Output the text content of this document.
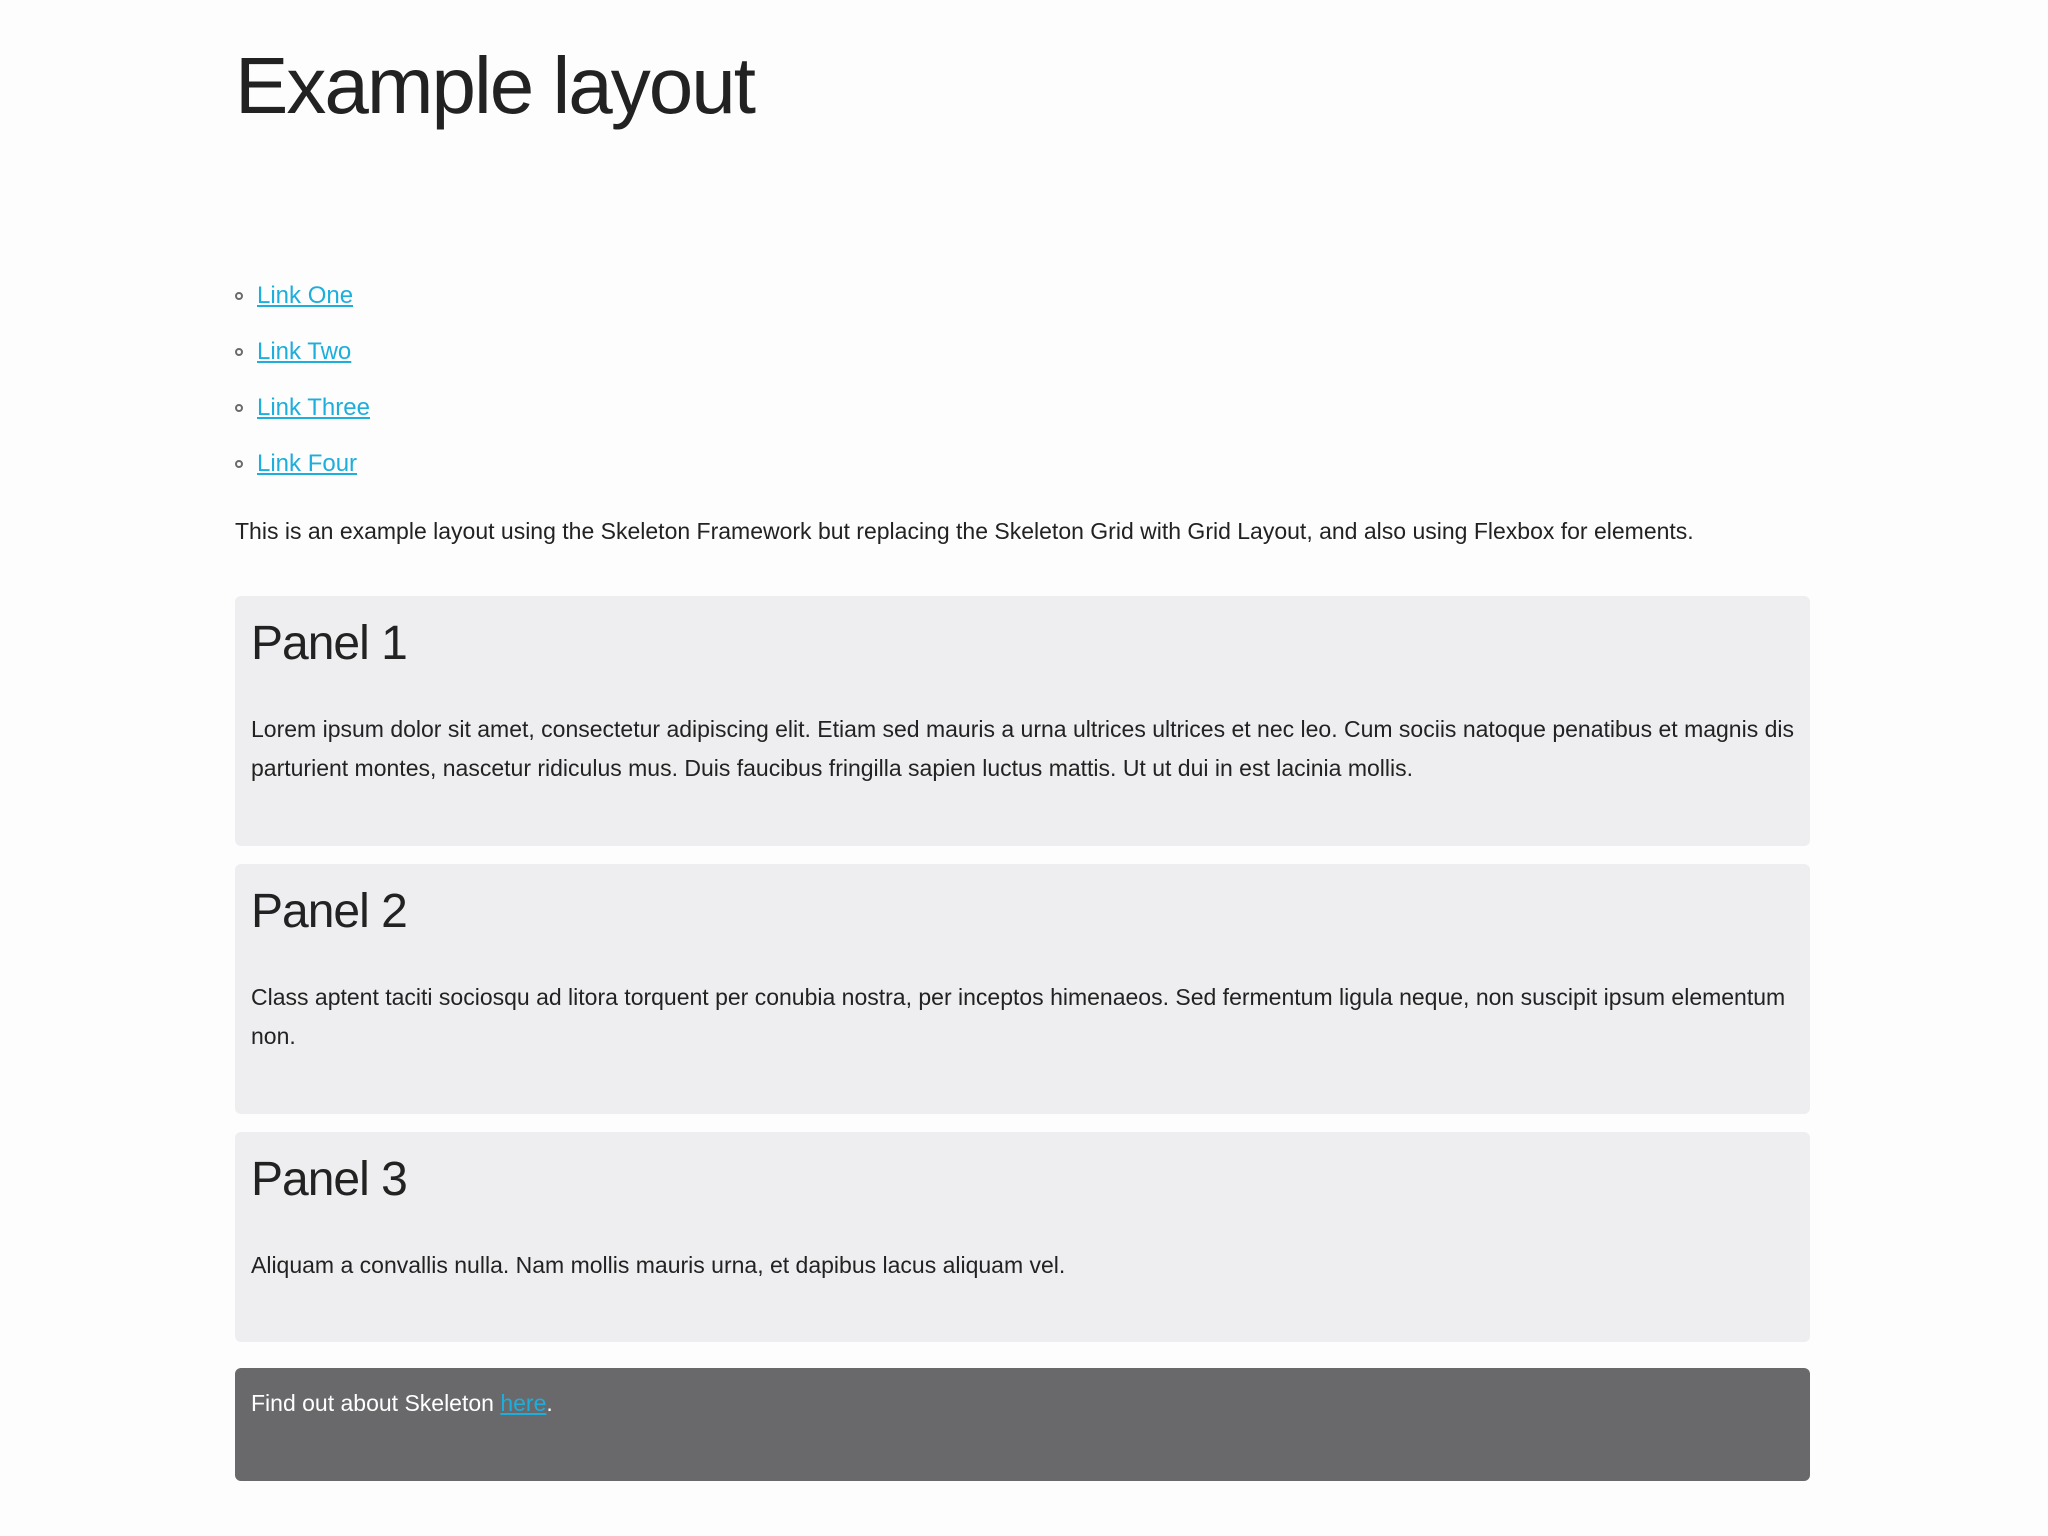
Example layout
Link One
Link Two
Link Three
Link Four

This is an example layout using the Skeleton Framework but replacing the Skeleton Grid with Grid Layout, and also using Flexbox for elements.

Panel 1

Lorem ipsum dolor sit amet, consectetur adipiscing elit. Etiam sed mauris a urna ultrices ultrices et nec leo. Cum sociis natoque penatibus et magnis dis parturient montes, nascetur ridiculus mus. Duis faucibus fringilla sapien luctus mattis. Ut ut dui in est lacinia mollis.

Panel 2

Class aptent taciti sociosqu ad litora torquent per conubia nostra, per inceptos himenaeos. Sed fermentum ligula neque, non suscipit ipsum elementum non.

Panel 3

Aliquam a convallis nulla. Nam mollis mauris urna, et dapibus lacus aliquam vel.

Find out about Skeleton here.
